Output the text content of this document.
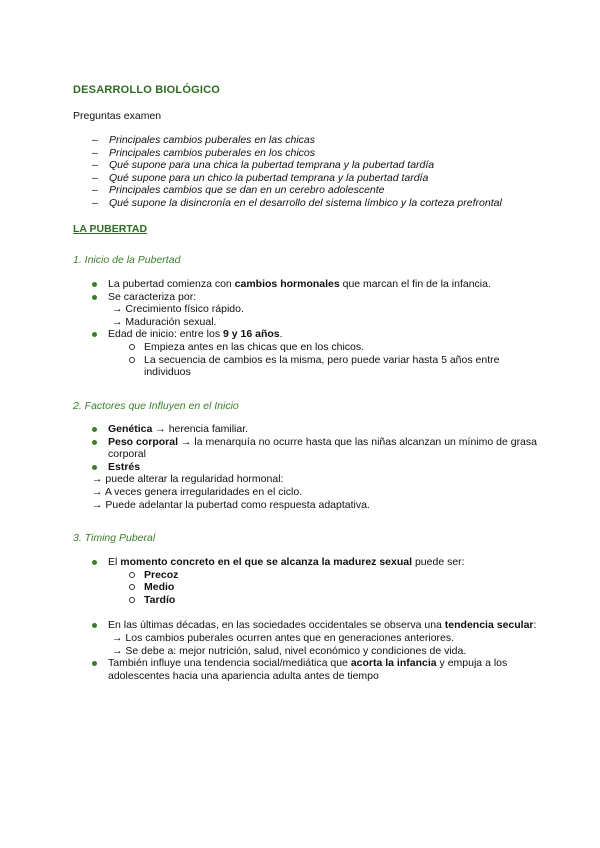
DESARROLLO BIOLÓGICO
Preguntas examen
– Principales cambios puberales en las chicas
– Principales cambios puberales en los chicos
– Qué supone para una chica la pubertad temprana y la pubertad tardía
– Qué supone para un chico la pubertad temprana y la pubertad tardía
– Principales cambios que se dan en un cerebro adolescente
– Qué supone la disincronía en el desarrollo del sistema límbico y la corteza prefrontal
LA PUBERTAD
1. Inicio de la Pubertad
La pubertad comienza con cambios hormonales que marcan el fin de la infancia.
Se caracteriza por:
→ Crecimiento físico rápido.
→ Maduración sexual.
Edad de inicio: entre los 9 y 16 años.
Empieza antes en las chicas que en los chicos.
La secuencia de cambios es la misma, pero puede variar hasta 5 años entre individuos
2. Factores que Influyen en el Inicio
Genética → herencia familiar.
Peso corporal → la menarquía no ocurre hasta que las niñas alcanzan un mínimo de grasa corporal
Estrés
→ puede alterar la regularidad hormonal:
→ A veces genera irregularidades en el ciclo.
→ Puede adelantar la pubertad como respuesta adaptativa.
3. Timing Puberal
El momento concreto en el que se alcanza la madurez sexual puede ser:
Precoz
Medio
Tardío
En las últimas décadas, en las sociedades occidentales se observa una tendencia secular:
→ Los cambios puberales ocurren antes que en generaciones anteriores.
→ Se debe a: mejor nutrición, salud, nivel económico y condiciones de vida.
También influye una tendencia social/mediática que acorta la infancia y empuja a los adolescentes hacia una apariencia adulta antes de tiempo
